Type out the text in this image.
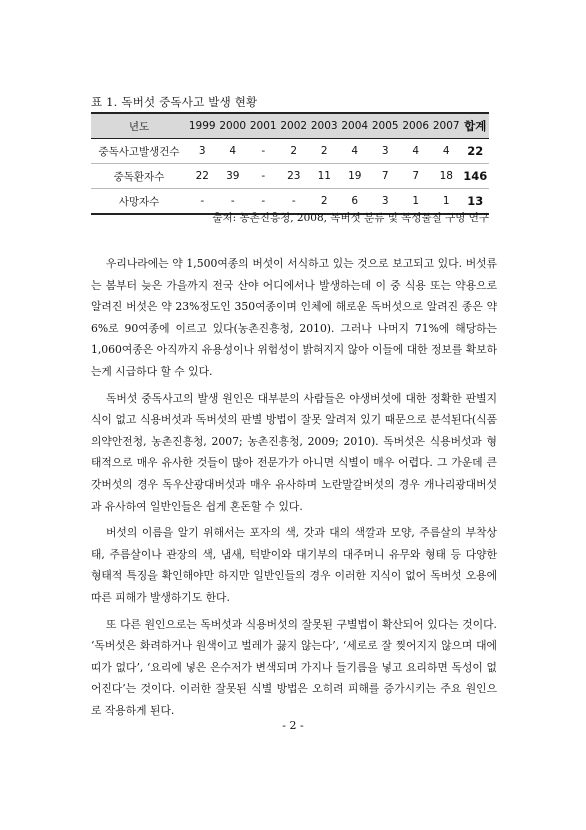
표 1. 독버섯 중독사고 발생 현황
년도	1999	2000	2001	2002	2003	2004	2005	2006	2007	합계
중독사고발생건수	3	4	-	2	2	4	3	4	4	22
중독환자수	22	39	-	23	11	19	7	7	18	146
사망자수	-	-	-	-	2	6	3	1	1	13
출처: 농촌진흥청, 2008, 독버섯 분류 및 독성물질 구명 연구

우리나라에는 약 1,500여종의 버섯이 서식하고 있는 것으로 보고되고 있다. 버섯류는 봄부터 늦은 가을까지 전국 산야 어디에서나 발생하는데 이 중 식용 또는 약용으로 알려진 버섯은 약 23%정도인 350여종이며 인체에 해로운 독버섯으로 알려진 종은 약 6%로 90여종에 이르고 있다(농촌진흥청, 2010). 그러나 나머지 71%에 해당하는 1,060여종은 아직까지 유용성이나 위험성이 밝혀지지 않아 이들에 대한 정보를 확보하는게 시급하다 할 수 있다.

독버섯 중독사고의 발생 원인은 대부분의 사람들은 야생버섯에 대한 정확한 판별지식이 없고 식용버섯과 독버섯의 판별 방법이 잘못 알려져 있기 때문으로 분석된다(식품의약안전청, 농촌진흥청, 2007; 농촌진흥청, 2009; 2010). 독버섯은 식용버섯과 형태적으로 매우 유사한 것들이 많아 전문가가 아니면 식별이 매우 어렵다. 그 가운데 큰갓버섯의 경우 독우산광대버섯과 매우 유사하며 노란말갈버섯의 경우 개나리광대버섯과 유사하여 일반인들은 쉽게 혼돈할 수 있다.

버섯의 이름을 알기 위해서는 포자의 색, 갓과 대의 색깔과 모양, 주름살의 부착상태, 주름살이나 관장의 색, 냄새, 턱받이와 대기부의 대주머니 유무와 형태 등 다양한 형태적 특징을 확인해야만 하지만 일반인들의 경우 이러한 지식이 없어 독버섯 오용에 따른 피해가 발생하기도 한다.

또 다른 원인으로는 독버섯과 식용버섯의 잘못된 구별법이 확산되어 있다는 것이다. ‘독버섯은 화려하거나 원색이고 벌레가 끓지 않는다’, ‘세로로 잘 찢어지지 않으며 대에 띠가 없다’, ‘요리에 넣은 은수저가 변색되며 가지나 들기름을 넣고 요리하면 독성이 없어진다’는 것이다. 이러한 잘못된 식별 방법은 오히려 피해를 증가시키는 주요 원인으로 작용하게 된다.

- 2 -
